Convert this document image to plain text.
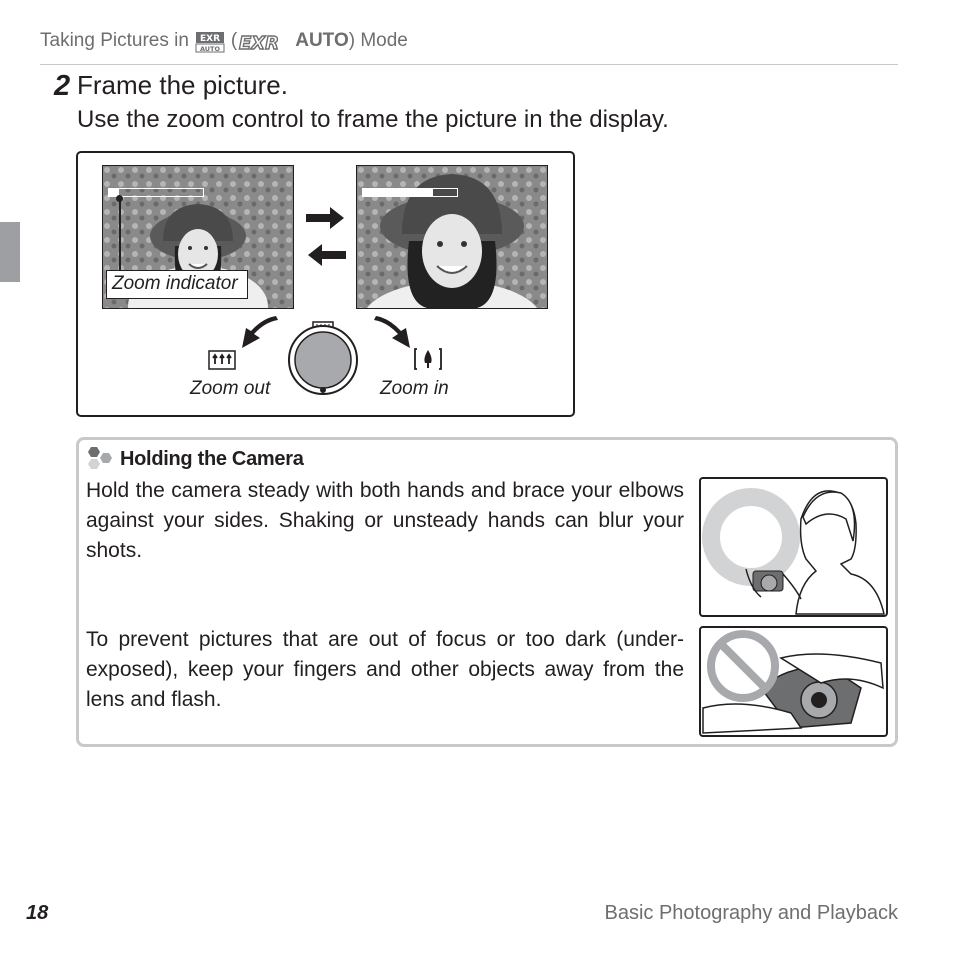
Taking Pictures in EXR
AUTO ( EXR AUTO ) Mode
2 Frame the picture.
Use the zoom control to frame the picture in the display.
Zoom indicator
Zoom out	Zoom in
Holding the Camera
Hold the camera steady with both hands and brace your elbows against your sides. Shaking or unsteady hands can blur your shots.
To prevent pictures that are out of focus or too dark (under-exposed), keep your fingers and other objects away from the lens and flash.
18	Basic Photography and Playback
